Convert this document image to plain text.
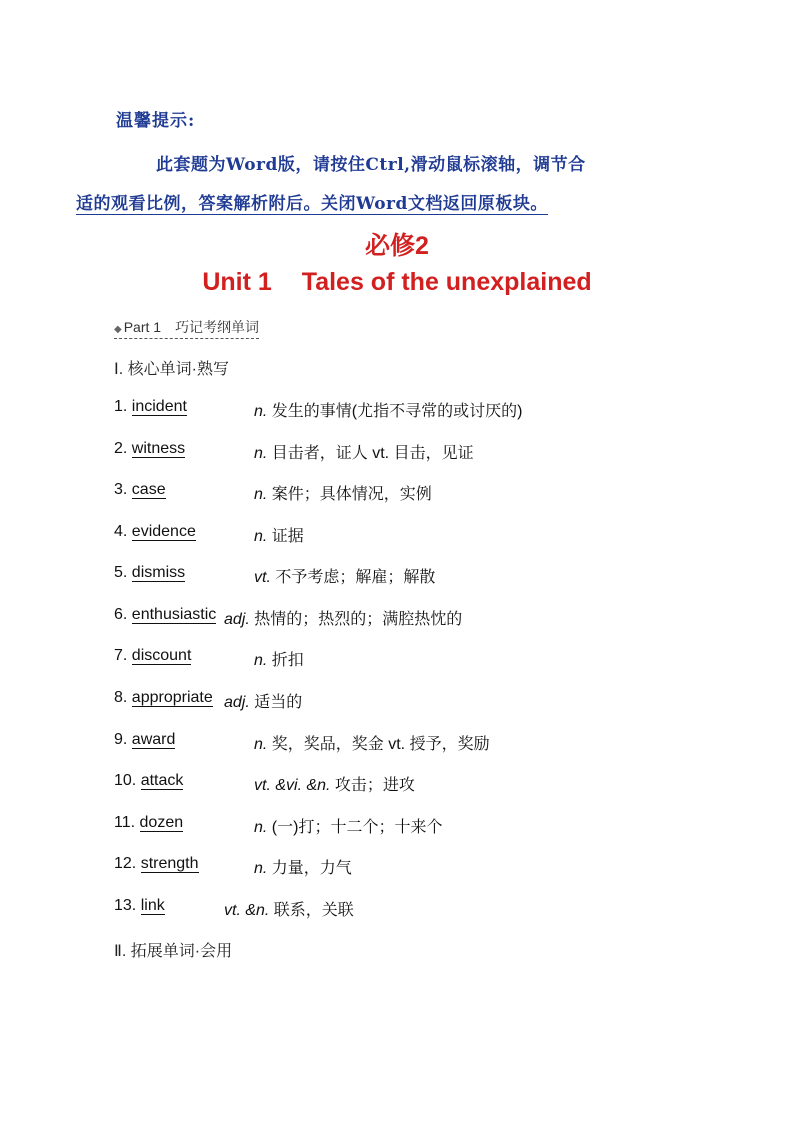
温馨提示:
此套题为Word版，请按住Ctrl,滑动鼠标滚轴，调节合
适的观看比例，答案解析附后。关闭Word文档返回原板块。
必修2
Unit 1 Tales of the unexplained
◆ Part 1 巧记考纲单词
Ⅰ. 核心单词·熟写
1. incident	n. 发生的事情(尤指不寻常的或讨厌的)
2. witness	n. 目击者，证人 vt. 目击，见证
3. case	n. 案件；具体情况，实例
4. evidence	n. 证据
5. dismiss	vt. 不予考虑；解雇；解散
6. enthusiastic adj. 热情的；热烈的；满腔热忱的
7. discount	n. 折扣
8. appropriate adj. 适当的
9. award	n. 奖，奖品，奖金 vt. 授予，奖励
10. attack	vt. &vi. &n. 攻击；进攻
11. dozen	n. (一)打；十二个；十来个
12. strength	n. 力量，力气
13. link	vt. &n. 联系，关联
Ⅱ. 拓展单词·会用
